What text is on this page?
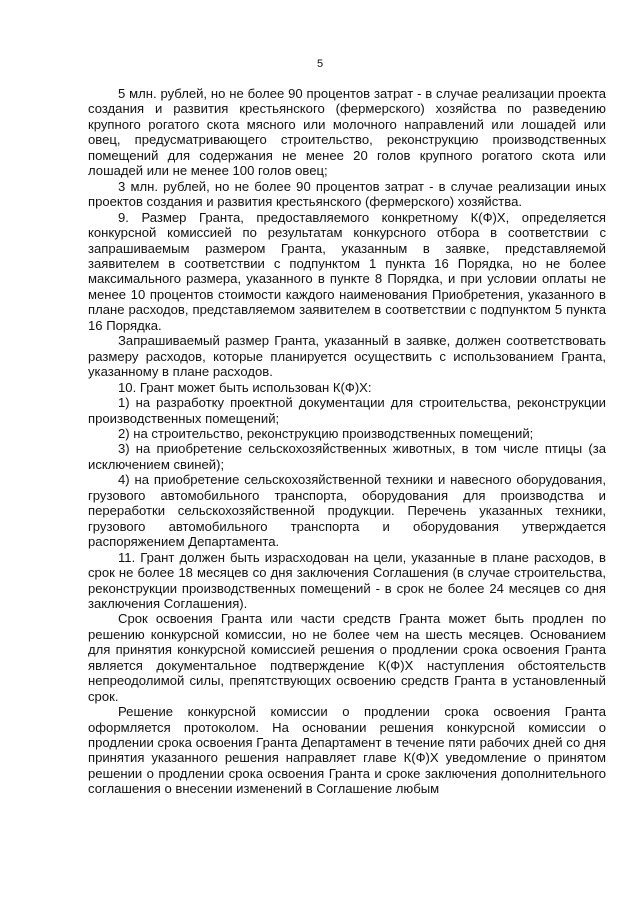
5

5 млн. рублей, но не более 90 процентов затрат - в случае реализации проекта создания и развития крестьянского (фермерского) хозяйства по разведению крупного рогатого скота мясного или молочного направлений или лошадей или овец, предусматривающего строительство, реконструкцию производственных помещений для содержания не менее 20 голов крупного рогатого скота или лошадей или не менее 100 голов овец;

3 млн. рублей, но не более 90 процентов затрат - в случае реализации иных проектов создания и развития крестьянского (фермерского) хозяйства.

9. Размер Гранта, предоставляемого конкретному К(Ф)Х, определяется конкурсной комиссией по результатам конкурсного отбора в соответствии с запрашиваемым размером Гранта, указанным в заявке, представляемой заявителем в соответствии с подпунктом 1 пункта 16 Порядка, но не более максимального размера, указанного в пункте 8 Порядка, и при условии оплаты не менее 10 процентов стоимости каждого наименования Приобретения, указанного в плане расходов, представляемом заявителем в соответствии с подпунктом 5 пункта 16 Порядка.

Запрашиваемый размер Гранта, указанный в заявке, должен соответствовать размеру расходов, которые планируется осуществить с использованием Гранта, указанному в плане расходов.

10. Грант может быть использован К(Ф)Х:

1) на разработку проектной документации для строительства, реконструкции производственных помещений;

2) на строительство, реконструкцию производственных помещений;

3) на приобретение сельскохозяйственных животных, в том числе птицы (за исключением свиней);

4) на приобретение сельскохозяйственной техники и навесного оборудования, грузового автомобильного транспорта, оборудования для производства и переработки сельскохозяйственной продукции. Перечень указанных техники, грузового автомобильного транспорта и оборудования утверждается распоряжением Департамента.

11. Грант должен быть израсходован на цели, указанные в плане расходов, в срок не более 18 месяцев со дня заключения Соглашения (в случае строительства, реконструкции производственных помещений - в срок не более 24 месяцев со дня заключения Соглашения).

Срок освоения Гранта или части средств Гранта может быть продлен по решению конкурсной комиссии, но не более чем на шесть месяцев. Основанием для принятия конкурсной комиссией решения о продлении срока освоения Гранта является документальное подтверждение К(Ф)Х наступления обстоятельств непреодолимой силы, препятствующих освоению средств Гранта в установленный срок.

Решение конкурсной комиссии о продлении срока освоения Гранта оформляется протоколом. На основании решения конкурсной комиссии о продлении срока освоения Гранта Департамент в течение пяти рабочих дней со дня принятия указанного решения направляет главе К(Ф)Х уведомление о принятом решении о продлении срока освоения Гранта и сроке заключения дополнительного соглашения о внесении изменений в Соглашение любым
